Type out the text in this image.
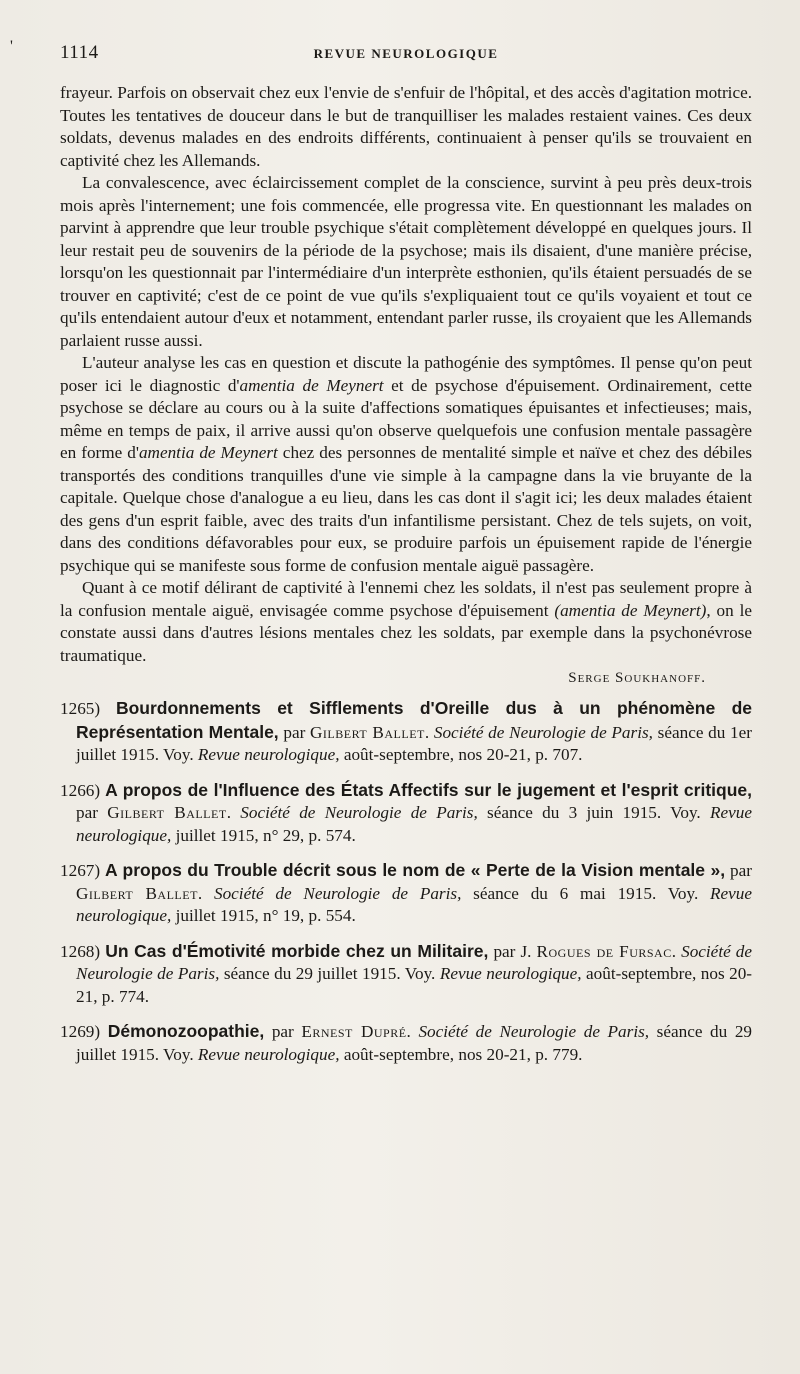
' 1114	REVUE NEUROLOGIQUE

frayeur. Parfois on observait chez eux l'envie de s'enfuir de l'hôpital, et des accès d'agitation motrice. Toutes les tentatives de douceur dans le but de tranquilliser les malades restaient vaines. Ces deux soldats, devenus malades en des endroits différents, continuaient à penser qu'ils se trouvaient en captivité chez les Allemands.

La convalescence, avec éclaircissement complet de la conscience, survint à peu près deux-trois mois après l'internement; une fois commencée, elle progressa vite. En questionnant les malades on parvint à apprendre que leur trouble psychique s'était complètement développé en quelques jours. Il leur restait peu de souvenirs de la période de la psychose; mais ils disaient, d'une manière précise, lorsqu'on les questionnait par l'intermédiaire d'un interprète esthonien, qu'ils étaient persuadés de se trouver en captivité; c'est de ce point de vue qu'ils s'expliquaient tout ce qu'ils voyaient et tout ce qu'ils entendaient autour d'eux et notamment, entendant parler russe, ils croyaient que les Allemands parlaient russe aussi.

L'auteur analyse les cas en question et discute la pathogénie des symptômes. Il pense qu'on peut poser ici le diagnostic d'amentia de Meynert et de psychose d'épuisement. Ordinairement, cette psychose se déclare au cours ou à la suite d'affections somatiques épuisantes et infectieuses; mais, même en temps de paix, il arrive aussi qu'on observe quelquefois une confusion mentale passagère en forme d'amentia de Meynert chez des personnes de mentalité simple et naïve et chez des débiles transportés des conditions tranquilles d'une vie simple à la campagne dans la vie bruyante de la capitale. Quelque chose d'analogue a eu lieu, dans les cas dont il s'agit ici; les deux malades étaient des gens d'un esprit faible, avec des traits d'un infantilisme persistant. Chez de tels sujets, on voit, dans des conditions défavorables pour eux, se produire parfois un épuisement rapide de l'énergie psychique qui se manifeste sous forme de confusion mentale aiguë passagère.

Quant à ce motif délirant de captivité à l'ennemi chez les soldats, il n'est pas seulement propre à la confusion mentale aiguë, envisagée comme psychose d'épuisement (amentia de Meynert), on le constate aussi dans d'autres lésions mentales chez les soldats, par exemple dans la psychonévrose traumatique.

Serge Soukhanoff.

1265) Bourdonnements et Sifflements d'Oreille dus à un phénomène de Représentation Mentale, par Gilbert Ballet. Société de Neurologie de Paris, séance du 1er juillet 1915. Voy. Revue neurologique, août-septembre, nos 20-21, p. 707.

1266) A propos de l'Influence des États Affectifs sur le jugement et l'esprit critique, par Gilbert Ballet. Société de Neurologie de Paris, séance du 3 juin 1915. Voy. Revue neurologique, juillet 1915, n° 29, p. 574.

1267) A propos du Trouble décrit sous le nom de « Perte de la Vision mentale », par Gilbert Ballet. Société de Neurologie de Paris, séance du 6 mai 1915. Voy. Revue neurologique, juillet 1915, n° 19, p. 554.

1268) Un Cas d'Émotivité morbide chez un Militaire, par J. Rogues de Fursac. Société de Neurologie de Paris, séance du 29 juillet 1915. Voy. Revue neurologique, août-septembre, nos 20-21, p. 774.

1269) Démonozoopathie, par Ernest Dupré. Société de Neurologie de Paris, séance du 29 juillet 1915. Voy. Revue neurologique, août-septembre, nos 20-21, p. 779.
